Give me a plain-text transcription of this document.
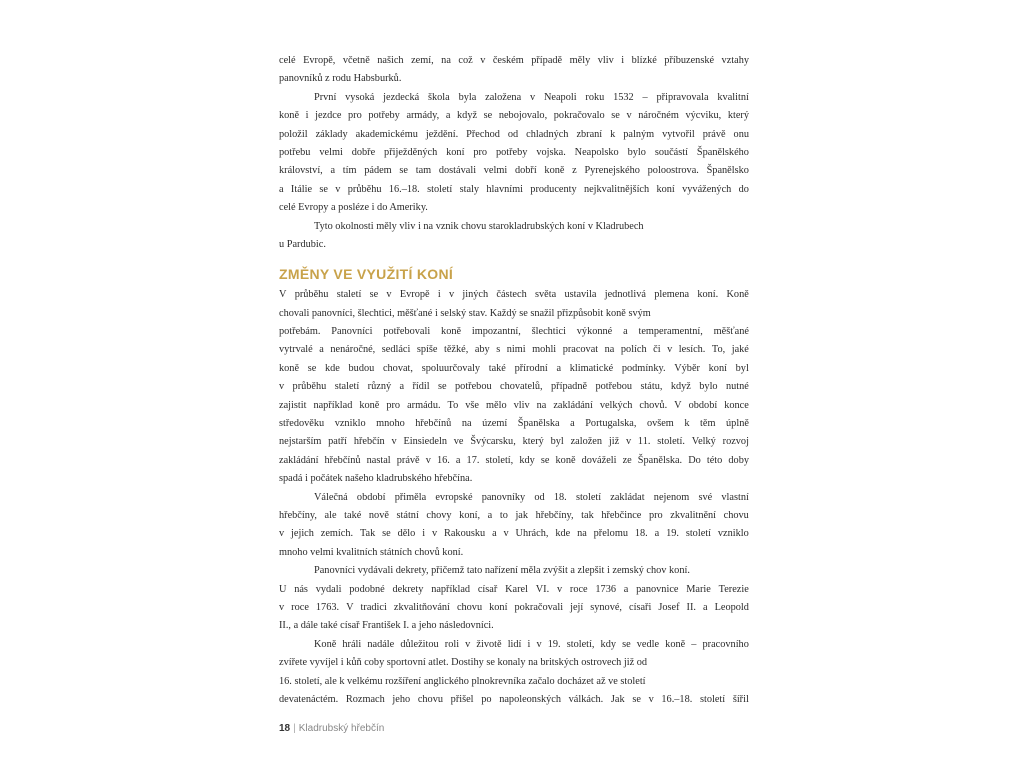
celé Evropě, včetně našich zemí, na což v českém případě měly vliv i blízké příbuzenské vztahy
panovníků z rodu Habsburků.
První vysoká jezdecká škola byla založena v Neapoli roku 1532 – připravovala kvalitní
koně i jezdce pro potřeby armády, a když se nebojovalo, pokračovalo se v náročném výcviku, který
položil základy akademickému ježdění. Přechod od chladných zbraní k palným vytvořil právě onu
potřebu velmi dobře přiježděných koní pro potřeby vojska. Neapolsko bylo součástí Španělského
království, a tím pádem se tam dostávali velmi dobří koně z Pyrenejského poloostrova. Španělsko
a Itálie se v průběhu 16.–18. století staly hlavními producenty nejkvalitnějších koní vyvážených do
celé Evropy a posléze i do Ameriky.
Tyto okolnosti měly vliv i na vznik chovu starokladrubských koní v Kladrubech
u Pardubic.
ZMĚNY VE VYUŽITÍ KONÍ
V průběhu staletí se v Evropě i v jiných částech světa ustavila jednotlivá plemena koní. Koně
chovali panovníci, šlechtici, měšťané i selský stav. Každý se snažil přizpůsobit koně svým
potřebám. Panovníci potřebovali koně impozantní, šlechtici výkonné a temperamentní, měšťané
vytrvalé a nenáročné, sedláci spíše těžké, aby s nimi mohli pracovat na polích či v lesích. To, jaké
koně se kde budou chovat, spoluurčovaly také přírodní a klimatické podmínky. Výběr koní byl
v průběhu staletí různý a řídil se potřebou chovatelů, případně potřebou státu, když bylo nutné
zajistit například koně pro armádu. To vše mělo vliv na zakládání velkých chovů. V období konce
středověku vzniklo mnoho hřebčínů na území Španělska a Portugalska, ovšem k těm úplně
nejstarším patří hřebčín v Einsiedeln ve Švýcarsku, který byl založen již v 11. století. Velký rozvoj
zakládání hřebčínů nastal právě v 16. a 17. století, kdy se koně dováželi ze Španělska. Do této doby
spadá i počátek našeho kladrubského hřebčína.
Válečná období přiměla evropské panovníky od 18. století zakládat nejenom své vlastní
hřebčíny, ale také nově státní chovy koní, a to jak hřebčíny, tak hřebčince pro zkvalitnění chovu
v jejich zemích. Tak se dělo i v Rakousku a v Uhrách, kde na přelomu 18. a 19. století vzniklo
mnoho velmi kvalitních státních chovů koní.
Panovníci vydávali dekrety, přičemž tato nařízení měla zvýšit a zlepšit i zemský chov koní.
U nás vydali podobné dekrety například císař Karel VI. v roce 1736 a panovnice Marie Terezie
v roce 1763. V tradici zkvalitňování chovu koní pokračovali její synové, císaři Josef II. a Leopold
II., a dále také císař František I. a jeho následovníci.
Koně hráli nadále důležitou roli v životě lidí i v 19. století, kdy se vedle koně – pracovního
zvířete vyvíjel i kůň coby sportovní atlet. Dostihy se konaly na britských ostrovech již od
16. století, ale k velkému rozšíření anglického plnokrevníka začalo docházet až ve století
devatenáctém. Rozmach jeho chovu přišel po napoleonských válkách. Jak se v 16.–18. století šířil
18 | Kladrubský hřebčín
